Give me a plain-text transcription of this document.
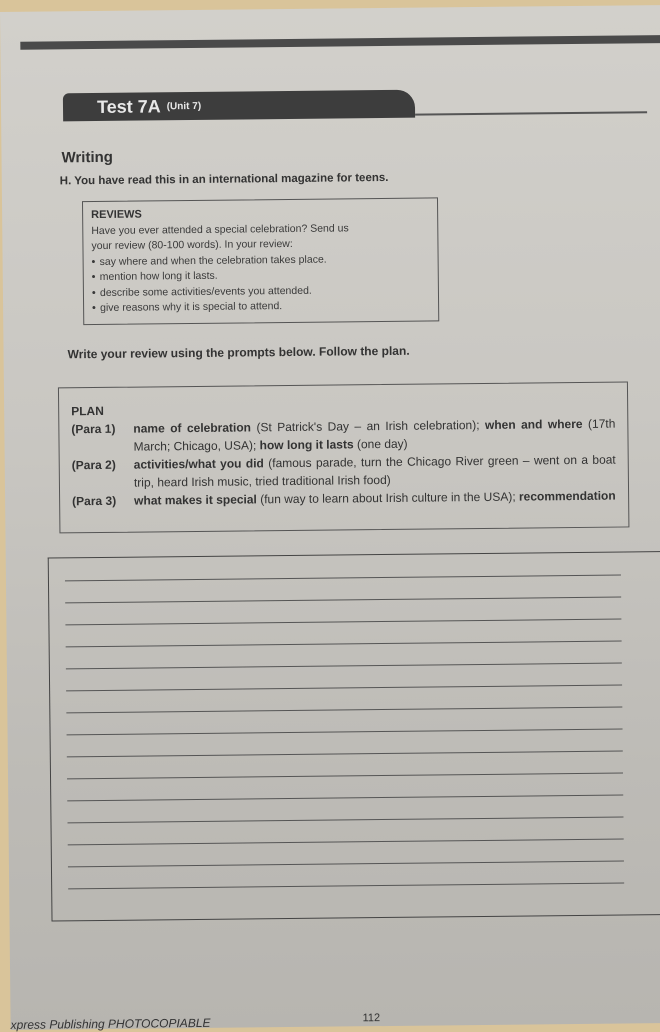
Test 7A (Unit 7)
Writing
H. You have read this in an international magazine for teens.
REVIEWS
Have you ever attended a special celebration? Send us
your review (80-100 words). In your review:
• say where and when the celebration takes place.
• mention how long it lasts.
• describe some activities/events you attended.
• give reasons why it is special to attend.
Write your review using the prompts below. Follow the plan.
PLAN
(Para 1)	name of celebration (St Patrick's Day – an Irish celebration); when and where (17th March; Chicago, USA); how long it lasts (one day)
(Para 2)	activities/what you did (famous parade, turn the Chicago River green – went on a boat trip, heard Irish music, tried traditional Irish food)
(Para 3)	what makes it special (fun way to learn about Irish culture in the USA); recommendation
xpress Publishing PHOTOCOPIABLE	112
